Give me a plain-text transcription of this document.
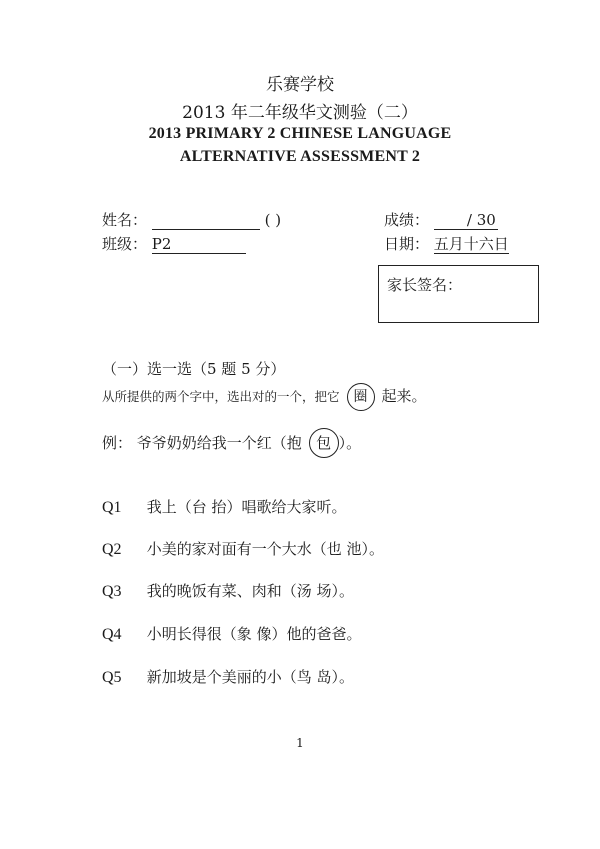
乐赛学校
2013 年二年级华文测验（二）
2013 PRIMARY 2 CHINESE LANGUAGE
ALTERNATIVE ASSESSMENT 2
姓名：	( )	成绩：	/ 30
班级： P2	日期： 五月十六日
家长签名：
（一）选一选（5 题 5 分）
从所提供的两个字中，选出对的一个，把它 圈 起来。
例： 爷爷奶奶给我一个红（抱 包 ）。
Q1 我上（台 抬）唱歌给大家听。
Q2 小美的家对面有一个大水（也 池）。
Q3 我的晚饭有菜、肉和（汤 场）。
Q4 小明长得很（象 像）他的爸爸。
Q5 新加坡是个美丽的小（鸟 岛）。
1
